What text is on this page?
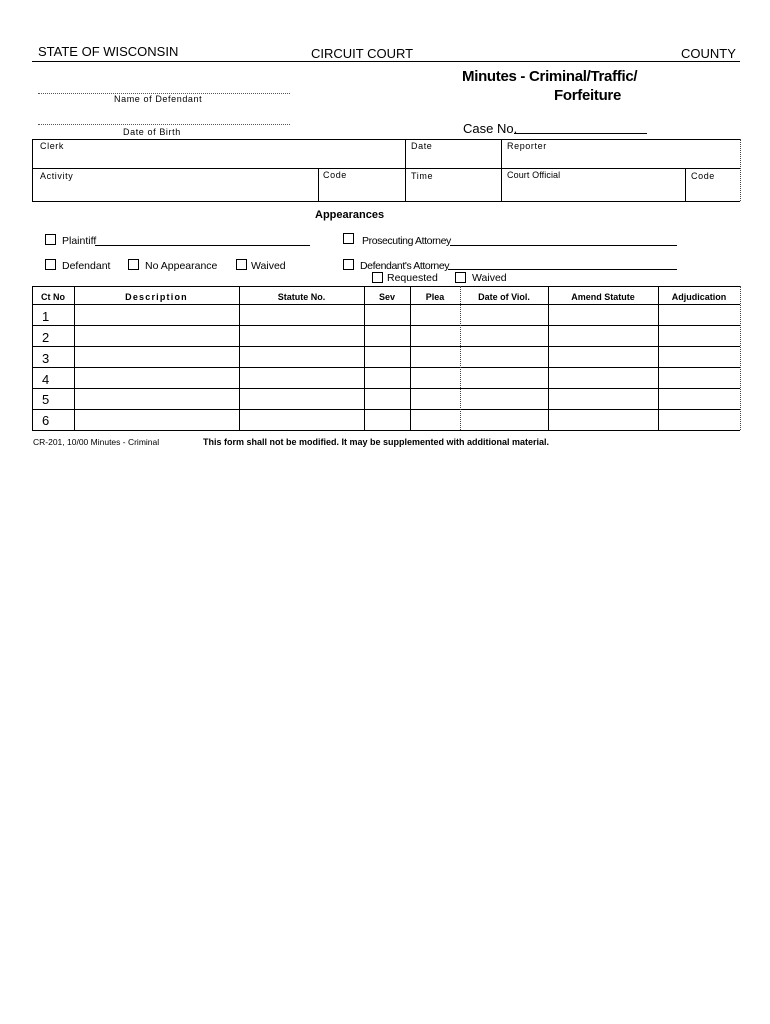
STATE OF WISCONSIN	CIRCUIT COURT	COUNTY
Minutes - Criminal/Traffic/
Forfeiture
Name of Defendant
Date of Birth	Case No.
Clerk	Date	Reporter
Activity	Code	Time	Court Official	Code
Appearances
Plaintiff	Prosecuting Attorney
Defendant	No Appearance	Waived	Defendant's Attorney
Requested	Waived
Ct No	Description	Statute No.	Sev	Plea	Date of Viol.	Amend Statute	Adjudication
1
2
3
4
5
6
CR-201, 10/00 Minutes - Criminal	This form shall not be modified. It may be supplemented with additional material.
